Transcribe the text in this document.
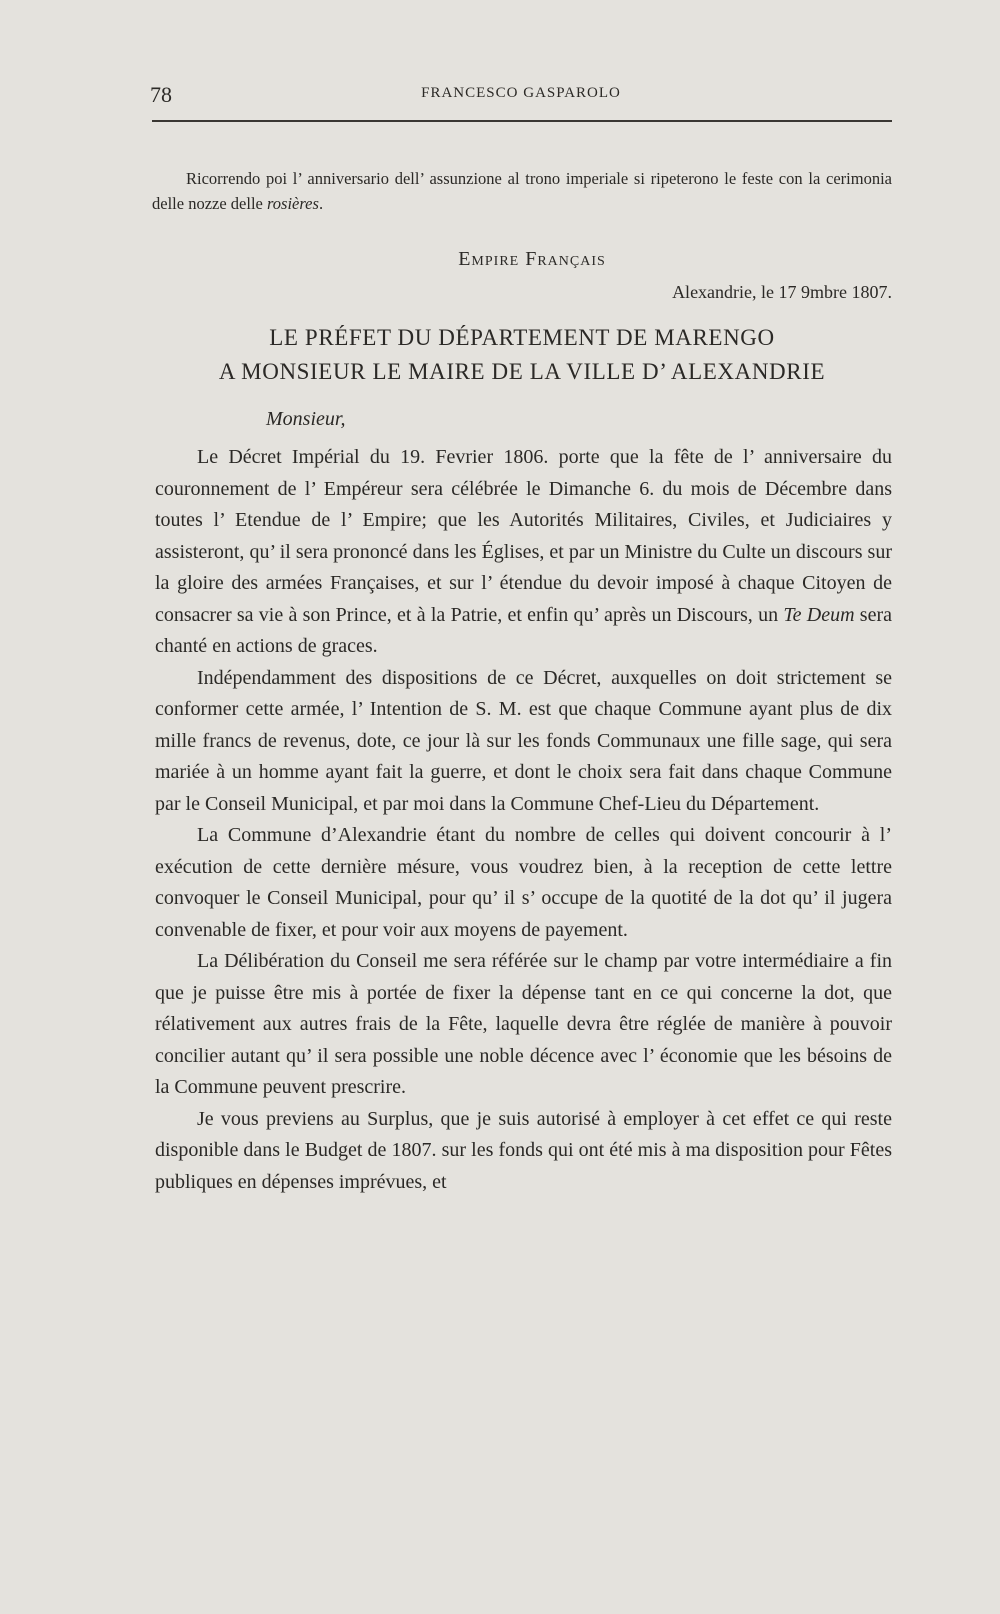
78	FRANCESCO GASPAROLO
Ricorrendo poi l’ anniversario dell’ assunzione al trono imperiale si ripeterono le feste con la cerimonia delle nozze delle rosières.
Empire Français
Alexandrie, le 17 9mbre 1807.
LE PRÉFET DU DÉPARTEMENT DE MARENGO
A MONSIEUR LE MAIRE DE LA VILLE D’ ALEXANDRIE
Monsieur,

Le Décret Impérial du 19. Fevrier 1806. porte que la fête de l’ anniversaire du couronnement de l’ Empéreur sera célébrée le Dimanche 6. du mois de Décembre dans toutes l’ Etendue de l’ Empire; que les Autorités Militaires, Civiles, et Judiciaires y assisteront, qu’ il sera prononcé dans les Églises, et par un Ministre du Culte un discours sur la gloire des armées Françaises, et sur l’ étendue du devoir imposé à chaque Citoyen de consacrer sa vie à son Prince, et à la Patrie, et enfin qu’ après un Discours, un Te Deum sera chanté en actions de graces.

Indépendamment des dispositions de ce Décret, auxquelles on doit strictement se conformer cette armée, l’ Intention de S. M. est que chaque Commune ayant plus de dix mille francs de revenus, dote, ce jour là sur les fonds Communaux une fille sage, qui sera mariée à un homme ayant fait la guerre, et dont le choix sera fait dans chaque Commune par le Conseil Municipal, et par moi dans la Commune Chef-Lieu du Département.

La Commune d’Alexandrie étant du nombre de celles qui doivent concourir à l’ exécution de cette dernière mésure, vous voudrez bien, à la reception de cette lettre convoquer le Conseil Municipal, pour qu’ il s’ occupe de la quotité de la dot qu’ il jugera convenable de fixer, et pour voir aux moyens de payement.

La Délibération du Conseil me sera référée sur le champ par votre intermédiaire a fin que je puisse être mis à portée de fixer la dépense tant en ce qui concerne la dot, que rélativement aux autres frais de la Fête, laquelle devra être réglée de manière à pouvoir concilier autant qu’ il sera possible une noble décence avec l’ économie que les bésoins de la Commune peuvent prescrire.

Je vous previens au Surplus, que je suis autorisé à employer à cet effet ce qui reste disponible dans le Budget de 1807. sur les fonds qui ont été mis à ma disposition pour Fêtes publiques en dépenses imprévues, et
